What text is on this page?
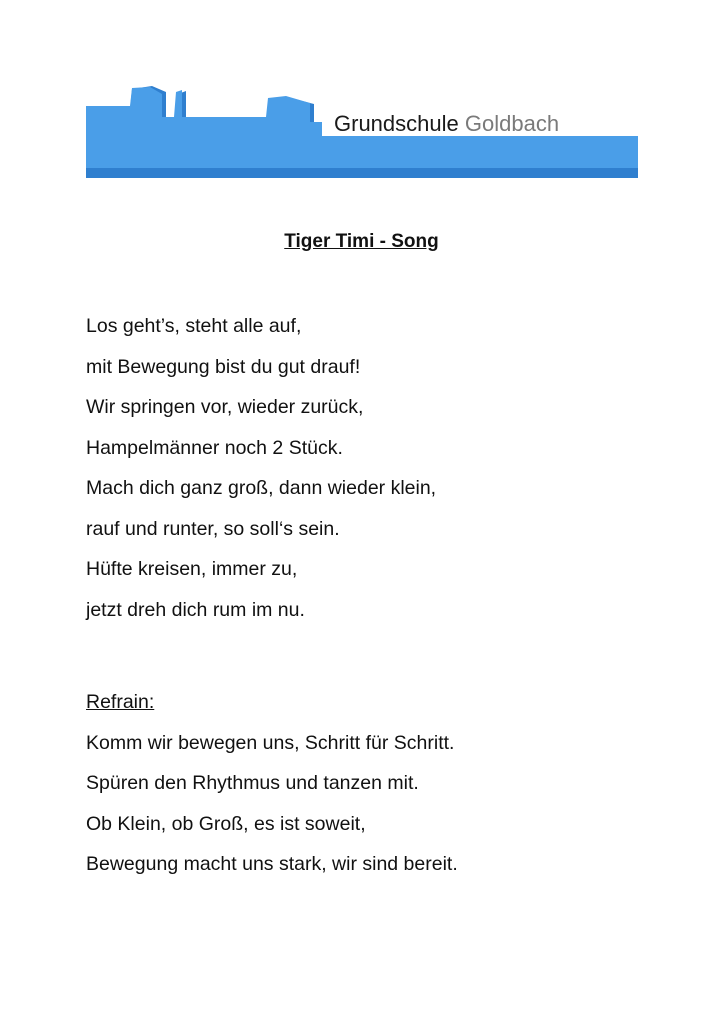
Grundschule Goldbach
Tiger Timi - Song
Los geht’s, steht alle auf,
mit Bewegung bist du gut drauf!
Wir springen vor, wieder zurück,
Hampelmänner noch 2 Stück.
Mach dich ganz groß, dann wieder klein,
rauf und runter, so soll‘s sein.
Hüfte kreisen, immer zu,
jetzt dreh dich rum im nu.
Refrain:
Komm wir bewegen uns, Schritt für Schritt.
Spüren den Rhythmus und tanzen mit.
Ob Klein, ob Groß, es ist soweit,
Bewegung macht uns stark, wir sind bereit.
